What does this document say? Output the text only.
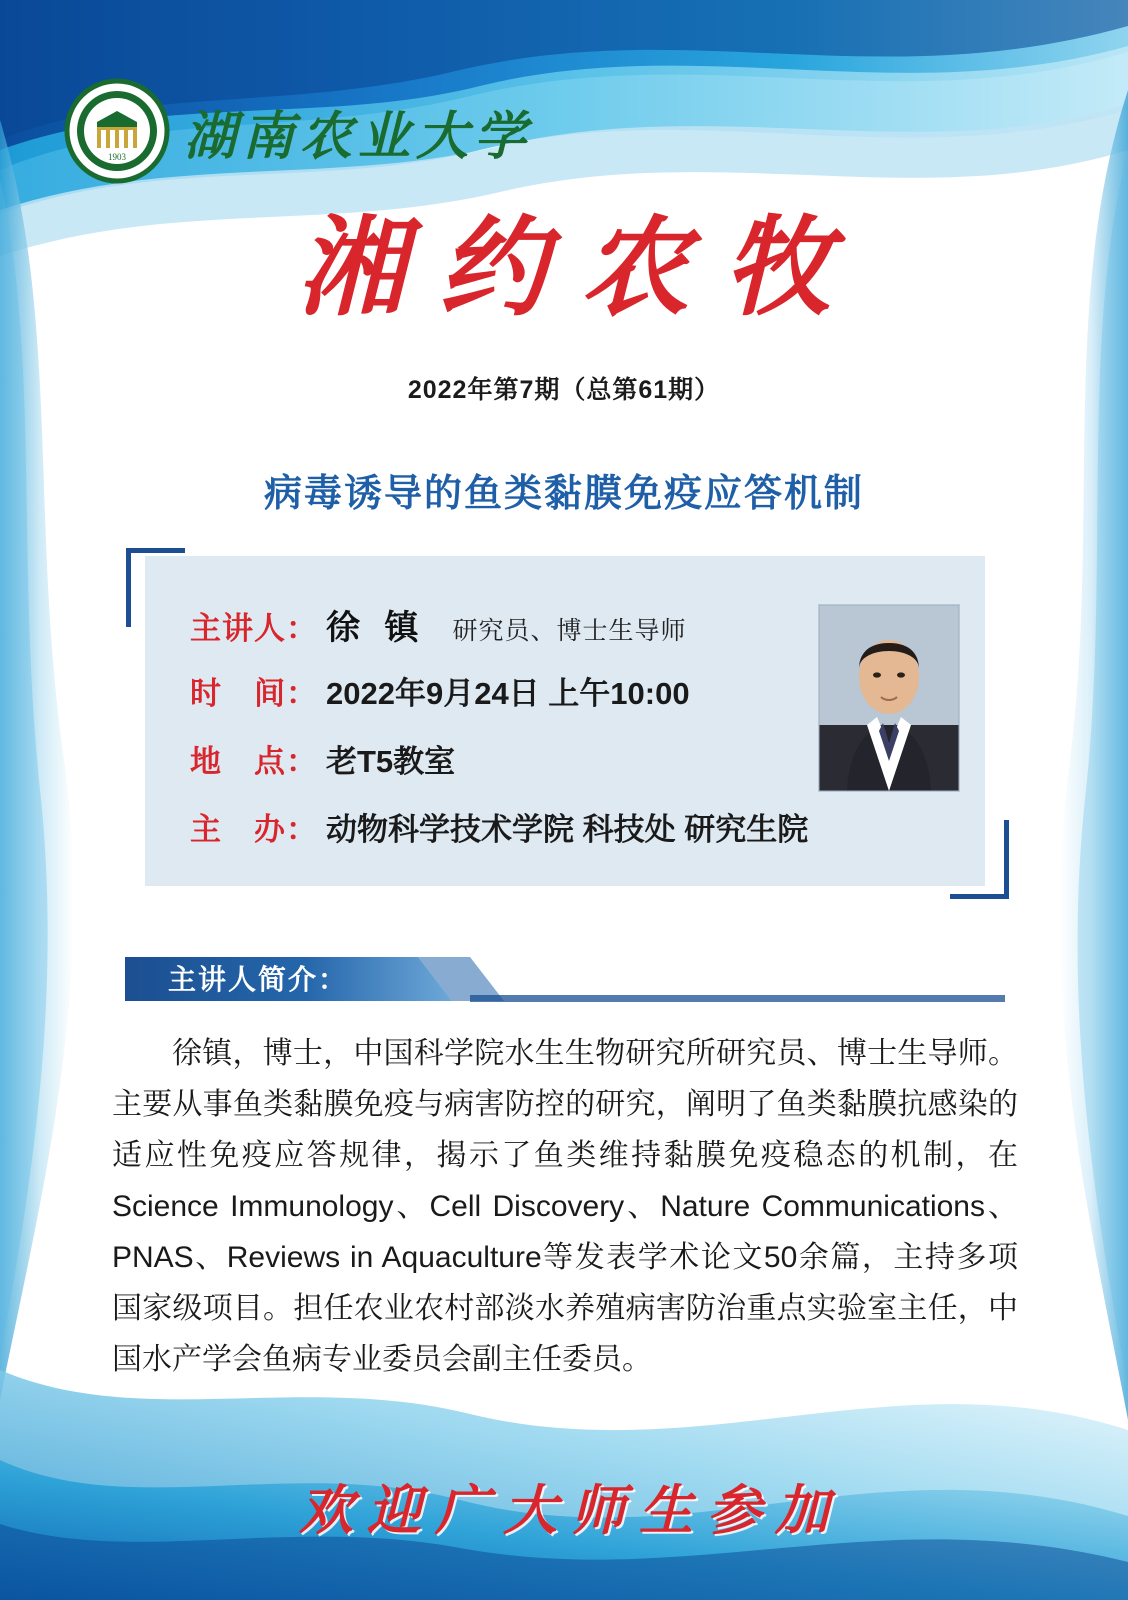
1903 湖南农业大学
湘约农牧
2022年第7期（总第61期）
病毒诱导的鱼类黏膜免疫应答机制
主讲人： 徐 镇 研究员、博士生导师
时　间： 2022年9月24日 上午10:00
地　点： 老T5教室
主　办： 动物科学技术学院 科技处 研究生院
主讲人简介：
徐镇，博士，中国科学院水生生物研究所研究员、博士生导师。主要从事鱼类黏膜免疫与病害防控的研究，阐明了鱼类黏膜抗感染的适应性免疫应答规律，揭示了鱼类维持黏膜免疫稳态的机制，在 Science Immunology、Cell Discovery、Nature Communications、PNAS、Reviews in Aquaculture等发表学术论文50余篇，主持多项国家级项目。担任农业农村部淡水养殖病害防治重点实验室主任，中国水产学会鱼病专业委员会副主任委员。
欢迎广大师生参加
